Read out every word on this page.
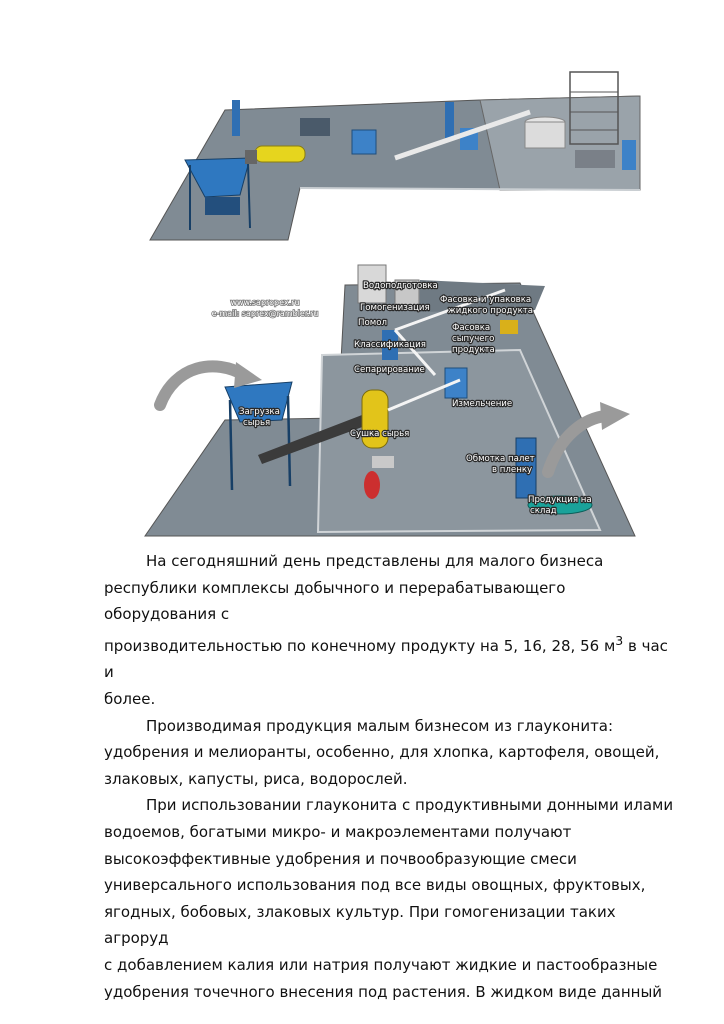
www.sapropex.ru
e-mail: saprex@rambler.ru
Водоподготовка
Гомогенизация
Помол
Фасовка и упаковка
жидкого продукта
Фасовка
сыпучего
продукта
Классификация
Сепарирование
Измельчение
Загрузка
сырья
Сушка сырья
Обмотка палет
в пленку
Продукция на
склад

На сегодняшний день представлены для малого бизнеса

республики комплексы добычного и перерабатывающего оборудования с

производительностью по конечному продукту на 5, 16, 28, 56 $м^3$ в час и

более.

Производимая продукция малым бизнесом из глауконита:

удобрения и мелиоранты, особенно, для хлопка, картофеля, овощей,

злаковых, капусты, риса, водорослей.

При использовании глауконита с продуктивными донными илами

водоемов, богатыми микро- и макроэлементами получают

высокоэффективные удобрения и почвообразующие смеси

универсального использования под все виды овощных, фруктовых,

ягодных, бобовых, злаковых культур. При гомогенизации таких агроруд

с добавлением калия или натрия получают жидкие и пастообразные

удобрения точечного внесения под растения. В жидком виде данный
